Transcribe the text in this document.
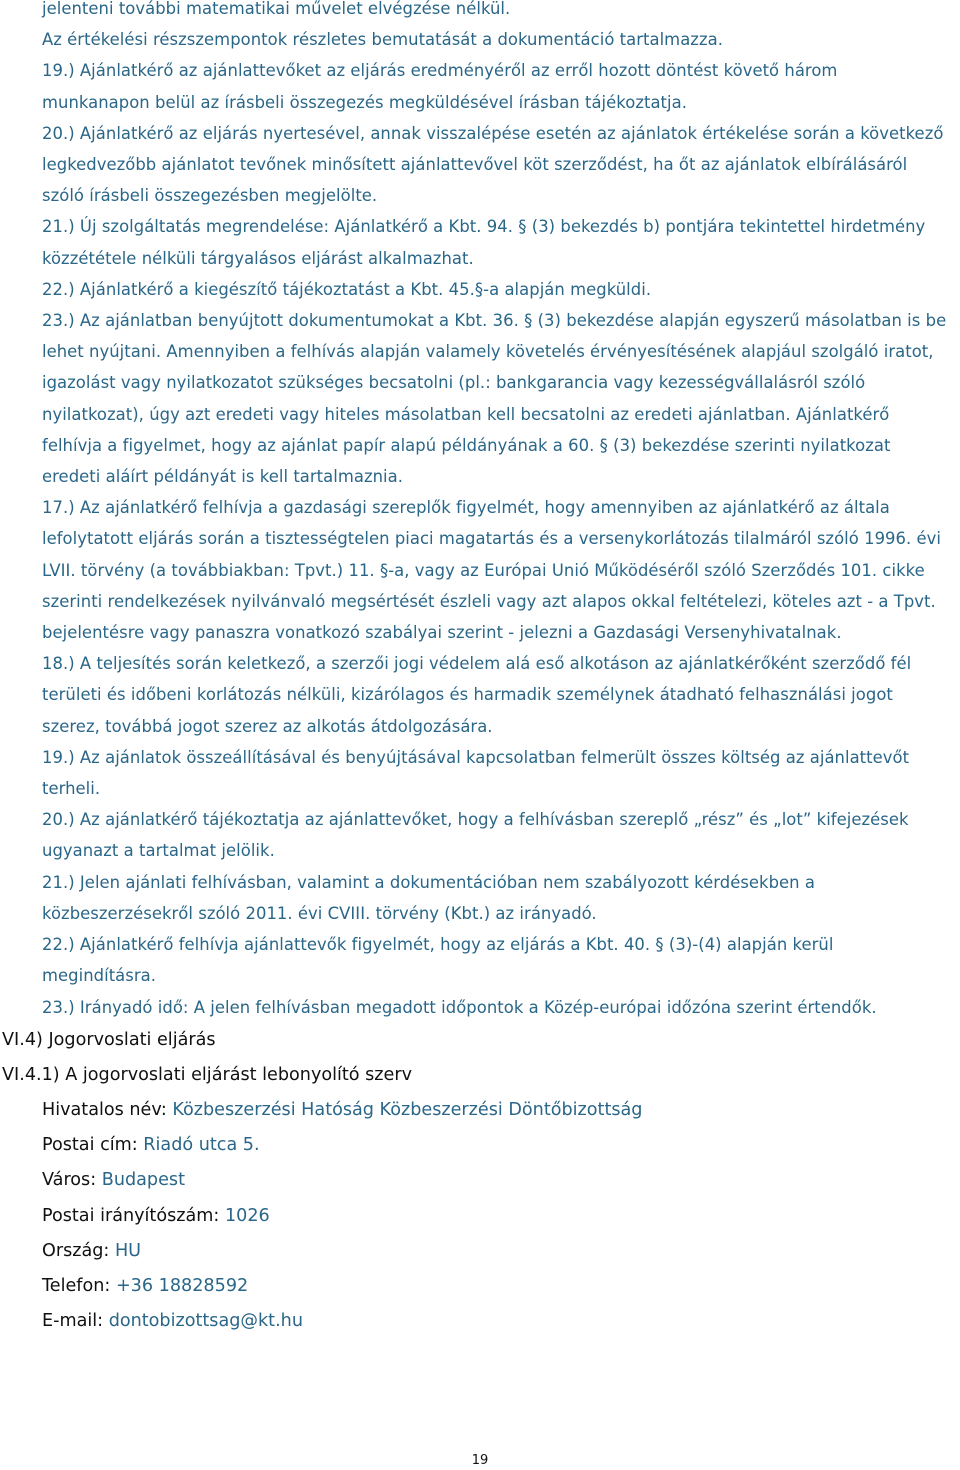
jelenteni további matematikai művelet elvégzése nélkül.
Az értékelési részszempontok részletes bemutatását a dokumentáció tartalmazza.
19.) Ajánlatkérő az ajánlattevőket az eljárás eredményéről az erről hozott döntést követő három munkanapon belül az írásbeli összegezés megküldésével írásban tájékoztatja.
20.) Ajánlatkérő az eljárás nyertesével, annak visszalépése esetén az ajánlatok értékelése során a következő legkedvezőbb ajánlatot tevőnek minősített ajánlattevővel köt szerződést, ha őt az ajánlatok elbírálásáról szóló írásbeli összegezésben megjelölte.
21.) Új szolgáltatás megrendelése: Ajánlatkérő a Kbt. 94. § (3) bekezdés b) pontjára tekintettel hirdetmény közzététele nélküli tárgyalásos eljárást alkalmazhat.
22.) Ajánlatkérő a kiegészítő tájékoztatást a Kbt. 45.§-a alapján megküldi.
23.) Az ajánlatban benyújtott dokumentumokat a Kbt. 36. § (3) bekezdése alapján egyszerű másolatban is be lehet nyújtani. Amennyiben a felhívás alapján valamely követelés érvényesítésének alapjául szolgáló iratot, igazolást vagy nyilatkozatot szükséges becsatolni (pl.: bankgarancia vagy kezességvállalásról szóló nyilatkozat), úgy azt eredeti vagy hiteles másolatban kell becsatolni az eredeti ajánlatban. Ajánlatkérő felhívja a figyelmet, hogy az ajánlat papír alapú példányának a 60. § (3) bekezdése szerinti nyilatkozat eredeti aláírt példányát is kell tartalmaznia.
17.) Az ajánlatkérő felhívja a gazdasági szereplők figyelmét, hogy amennyiben az ajánlatkérő az általa lefolytatott eljárás során a tisztességtelen piaci magatartás és a versenykorlátozás tilalmáról szóló 1996. évi LVII. törvény (a továbbiakban: Tpvt.) 11. §-a, vagy az Európai Unió Működéséről szóló Szerződés 101. cikke szerinti rendelkezések nyilvánvaló megsértését észleli vagy azt alapos okkal feltételezi, köteles azt - a Tpvt. bejelentésre vagy panaszra vonatkozó szabályai szerint - jelezni a Gazdasági Versenyhivatalnak.
18.) A teljesítés során keletkező, a szerzői jogi védelem alá eső alkotáson az ajánlatkérőként szerződő fél területi és időbeni korlátozás nélküli, kizárólagos és harmadik személynek átadható felhasználási jogot szerez, továbbá jogot szerez az alkotás átdolgozására.
19.) Az ajánlatok összeállításával és benyújtásával kapcsolatban felmerült összes költség az ajánlattevőt terheli.
20.) Az ajánlatkérő tájékoztatja az ajánlattevőket, hogy a felhívásban szereplő „rész” és „lot” kifejezések ugyanazt a tartalmat jelölik.
21.) Jelen ajánlati felhívásban, valamint a dokumentációban nem szabályozott kérdésekben a közbeszerzésekről szóló 2011. évi CVIII. törvény (Kbt.) az irányadó.
22.) Ajánlatkérő felhívja ajánlattevők figyelmét, hogy az eljárás a Kbt. 40. § (3)-(4) alapján kerül megindításra.
23.) Irányadó idő: A jelen felhívásban megadott időpontok a Közép-európai időzóna szerint értendők.
VI.4) Jogorvoslati eljárás
VI.4.1) A jogorvoslati eljárást lebonyolító szerv
Hivatalos név: Közbeszerzési Hatóság Közbeszerzési Döntőbizottság
Postai cím: Riadó utca 5.
Város: Budapest
Postai irányítószám: 1026
Ország: HU
Telefon: +36 18828592
E-mail: dontobizottsag@kt.hu
19
